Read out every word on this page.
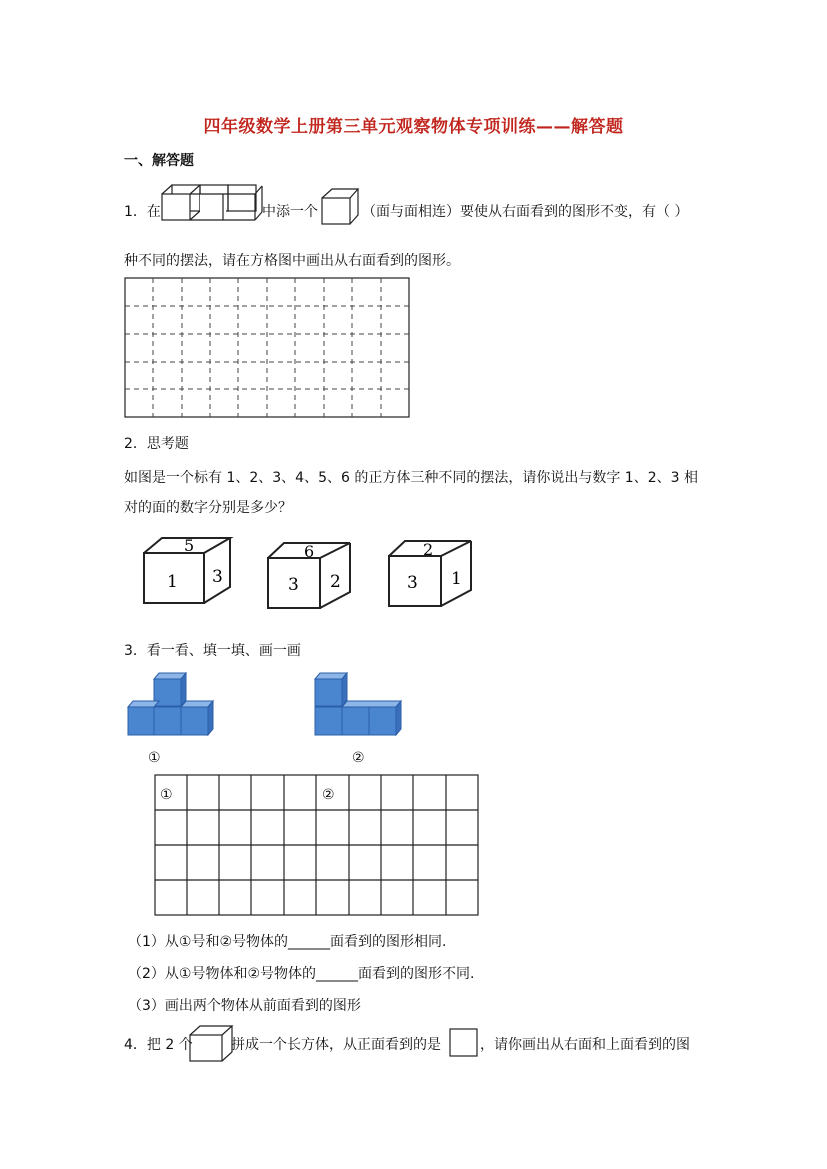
四年级数学上册第三单元观察物体专项训练——解答题
一、解答题
1．在	中添一个	（面与面相连）要使从右面看到的图形不变，有（ ）
种不同的摆法，请在方格图中画出从右面看到的图形。
2．思考题
如图是一个标有 1、2、3、4、5、6 的正方体三种不同的摆法，请你说出与数字 1、2、3 相
对的面的数字分别是多少？
5
1 3
6
3 2
2
3 1
3．看一看、填一填、画一画
①	②
①	②
（1）从①号和②号物体的______面看到的图形相同.
（2）从①号物体和②号物体的______面看到的图形不同.
（3）画出两个物体从前面看到的图形
4．把 2 个	拼成一个长方体，从正面看到的是	，请你画出从右面和上面看到的图
